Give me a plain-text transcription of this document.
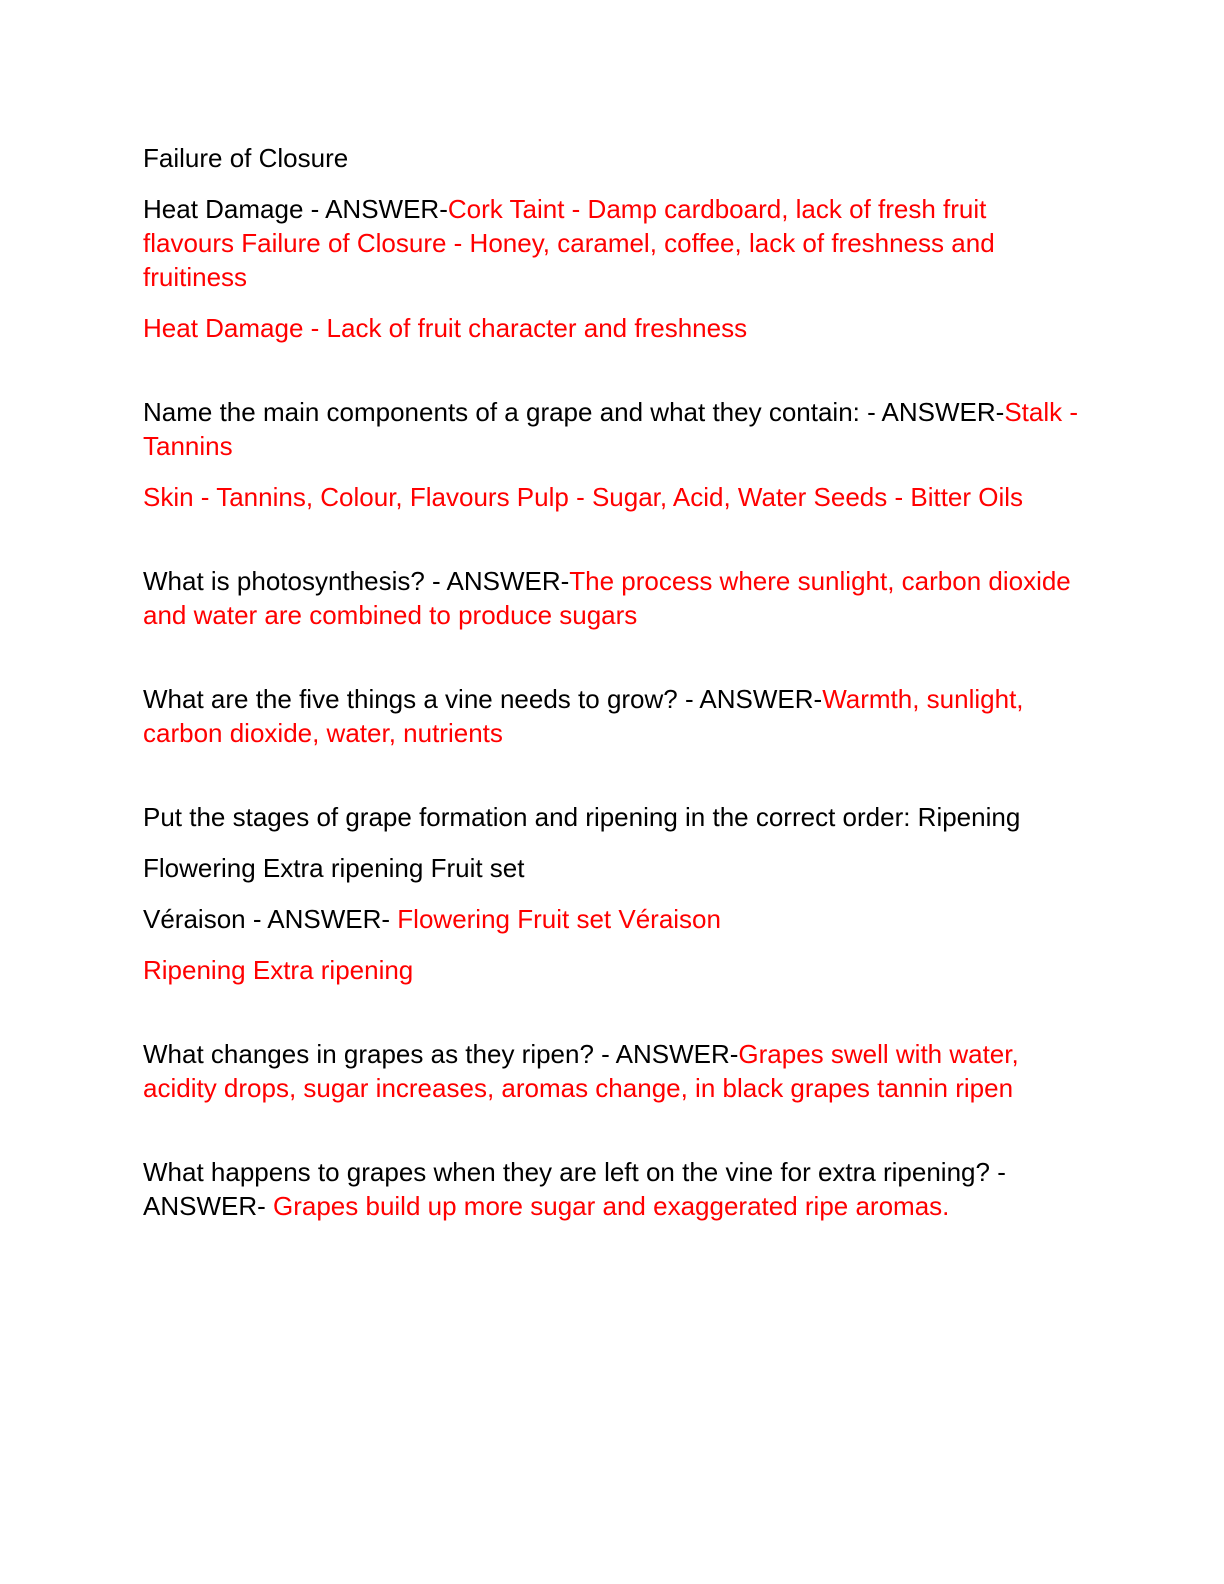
Failure of Closure

Heat Damage - ANSWER-Cork Taint - Damp cardboard, lack of fresh fruit flavours Failure of Closure - Honey, caramel, coffee, lack of freshness and fruitiness

Heat Damage - Lack of fruit character and freshness

Name the main components of a grape and what they contain: - ANSWER-Stalk -Tannins

Skin - Tannins, Colour, Flavours Pulp - Sugar, Acid, Water Seeds - Bitter Oils

What is photosynthesis? - ANSWER-The process where sunlight, carbon dioxide and water are combined to produce sugars

What are the five things a vine needs to grow? - ANSWER-Warmth, sunlight, carbon dioxide, water, nutrients

Put the stages of grape formation and ripening in the correct order: Ripening

Flowering Extra ripening Fruit set

Véraison - ANSWER- Flowering Fruit set Véraison

Ripening Extra ripening

What changes in grapes as they ripen? - ANSWER-Grapes swell with water, acidity drops, sugar increases, aromas change, in black grapes tannin ripen

What happens to grapes when they are left on the vine for extra ripening? - ANSWER- Grapes build up more sugar and exaggerated ripe aromas.
